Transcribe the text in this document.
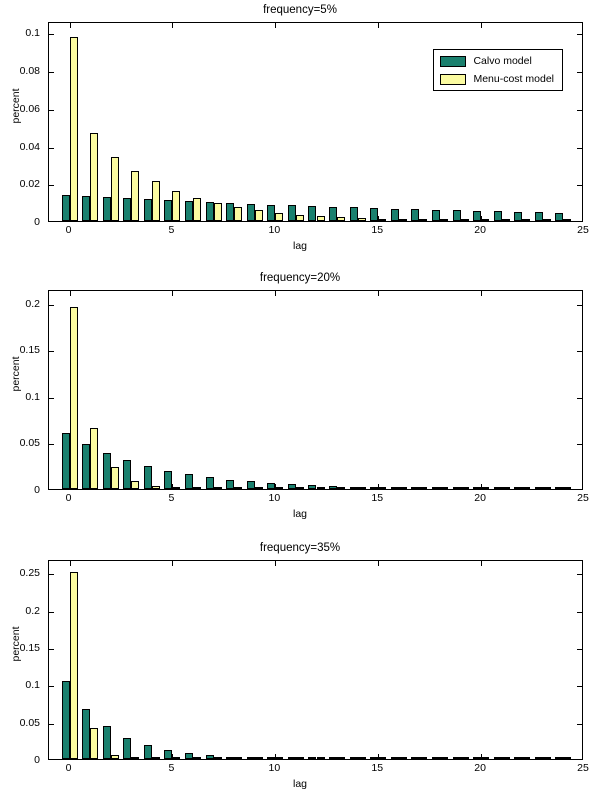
frequency=5%
0
0.02
0.04
0.06
0.08
0.1
percent
Calvo model
Menu-cost model
0	5	10	15	20	25
lag
frequency=20%
0
0.05
0.1
0.15
0.2
percent
0	5	10	15	20	25
lag
frequency=35%
0
0.05
0.1
0.15
0.2
0.25
percent
0	5	10	15	20	25
lag
